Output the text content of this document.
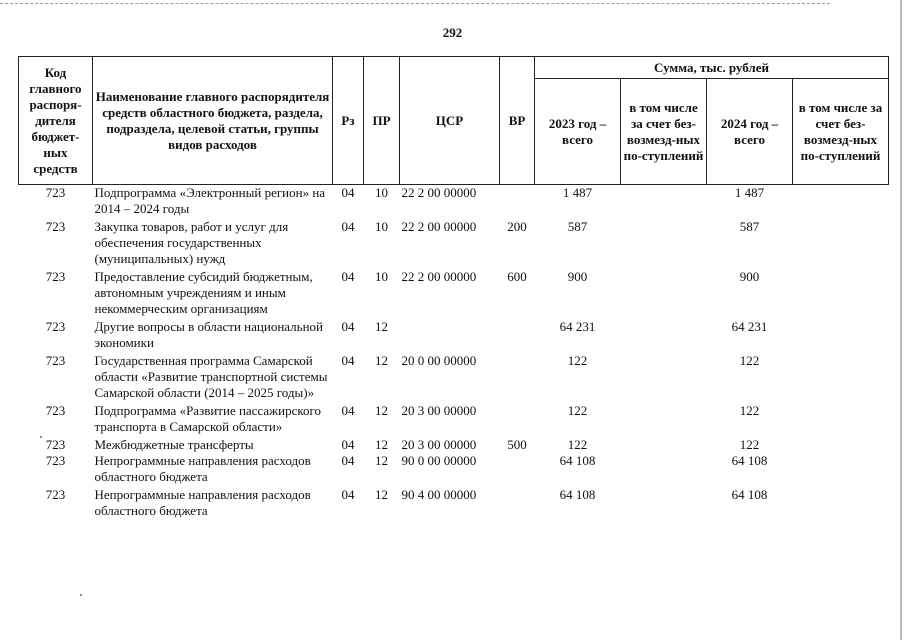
292
Код главного распоря-дителя бюджет-ных средств	Наименование главного распорядителя средств областного бюджета, раздела, подраздела, целевой статьи, группы видов расходов	Рз	ПР	ЦСР	ВР	Сумма, тыс. рублей			
						2023 год – всего	в том числе за счет без-возмезд-ных по-ступлений	2024 год – всего	в том числе за счет без-возмезд-ных по-ступлений
723	Подпрограмма «Электронный регион» на 2014 – 2024 годы	04	10	22 2 00 00000		1 487		1 487	
723	Закупка товаров, работ и услуг для обеспечения государственных (муниципальных) нужд	04	10	22 2 00 00000	200	587		587	
723	Предоставление субсидий бюджетным, автономным учреждениям и иным некоммерческим организациям	04	10	22 2 00 00000	600	900		900	
723	Другие вопросы в области национальной экономики	04	12			64 231		64 231	
723	Государственная программа Самарской области «Развитие транспортной системы Самарской области (2014 – 2025 годы)»	04	12	20 0 00 00000		122		122	
723	Подпрограмма «Развитие пассажирского транспорта в Самарской области»	04	12	20 3 00 00000		122		122	
723	Межбюджетные трансферты	04	12	20 3 00 00000	500	122		122	
723	Непрограммные направления расходов областного бюджета	04	12	90 0 00 00000		64 108		64 108	
723	Непрограммные направления расходов областного бюджета	04	12	90 4 00 00000		64 108		64 108	
